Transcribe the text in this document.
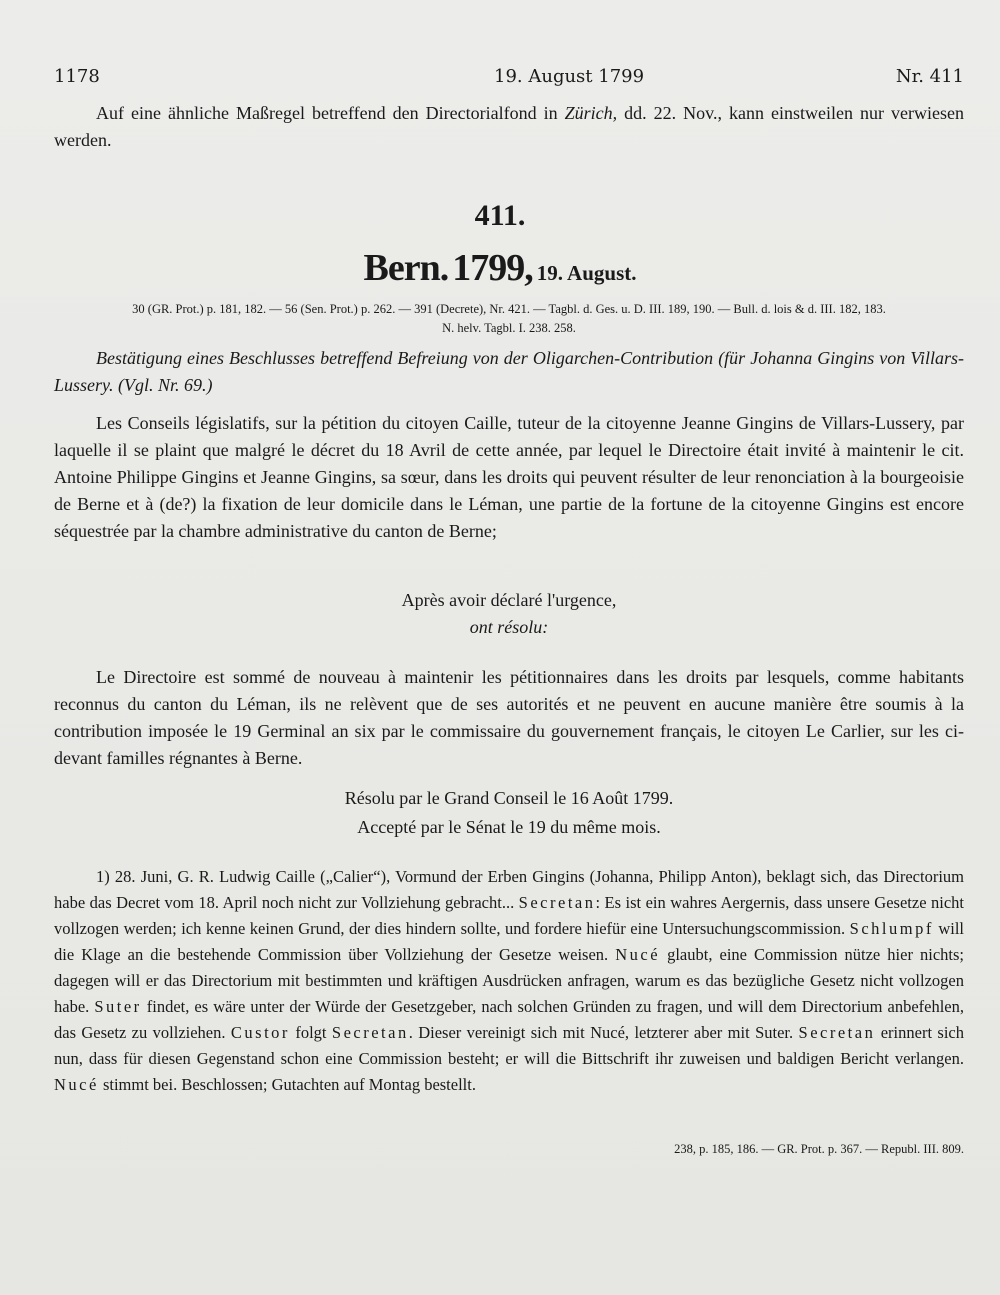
1178	19. August 1799	Nr. 411

Auf eine ähnliche Maßregel betreffend den Directorialfond in Zürich, dd. 22. Nov., kann einstweilen nur verwiesen werden.

411.
Bern. 1799, 19. August.
30 (GR. Prot.) p. 181, 182. — 56 (Sen. Prot.) p. 262. — 391 (Decrete), Nr. 421. — Tagbl. d. Ges. u. D. III. 189, 190. — Bull. d. lois & d. III. 182, 183.
N. helv. Tagbl. I. 238. 258.

Bestätigung eines Beschlusses betreffend Befreiung von der Oligarchen-Contribution (für Johanna Gingins von Villars-Lussery. (Vgl. Nr. 69.)

Les Conseils législatifs, sur la pétition du citoyen Caille, tuteur de la citoyenne Jeanne Gingins de Villars-Lussery, par laquelle il se plaint que malgré le décret du 18 Avril de cette année, par lequel le Directoire était invité à maintenir le cit. Antoine Philippe Gingins et Jeanne Gingins, sa sœur, dans les droits qui peuvent résulter de leur renonciation à la bourgeoisie de Berne et à (de?) la fixation de leur domicile dans le Léman, une partie de la fortune de la citoyenne Gingins est encore séquestrée par la chambre administrative du canton de Berne;

Après avoir déclaré l'urgence,
ont résolu:

Le Directoire est sommé de nouveau à maintenir les pétitionnaires dans les droits par lesquels, comme habitants reconnus du canton du Léman, ils ne relèvent que de ses autorités et ne peuvent en aucune manière être soumis à la contribution imposée le 19 Germinal an six par le commissaire du gouvernement français, le citoyen Le Carlier, sur les ci-devant familles régnantes à Berne.

Résolu par le Grand Conseil le 16 Août 1799.
Accepté par le Sénat le 19 du même mois.

1) 28. Juni, G. R. Ludwig Caille („Calier“), Vormund der Erben Gingins (Johanna, Philipp Anton), beklagt sich, das Directorium habe das Decret vom 18. April noch nicht zur Vollziehung gebracht... Secretan: Es ist ein wahres Aergernis, dass unsere Gesetze nicht vollzogen werden; ich kenne keinen Grund, der dies hindern sollte, und fordere hiefür eine Untersuchungscommission. Schlumpf will die Klage an die bestehende Commission über Vollziehung der Gesetze weisen. Nucé glaubt, eine Commission nütze hier nichts; dagegen will er das Directorium mit bestimmten und kräftigen Ausdrücken anfragen, warum es das bezügliche Gesetz nicht vollzogen habe. Suter findet, es wäre unter der Würde der Gesetzgeber, nach solchen Gründen zu fragen, und will dem Directorium anbefehlen, das Gesetz zu vollziehen. Custor folgt Secretan. Dieser vereinigt sich mit Nucé, letzterer aber mit Suter. Secretan erinnert sich nun, dass für diesen Gegenstand schon eine Commission besteht; er will die Bittschrift ihr zuweisen und baldigen Bericht verlangen. Nucé stimmt bei. Beschlossen; Gutachten auf Montag bestellt.

238, p. 185, 186. — GR. Prot. p. 367. — Republ. III. 809.
